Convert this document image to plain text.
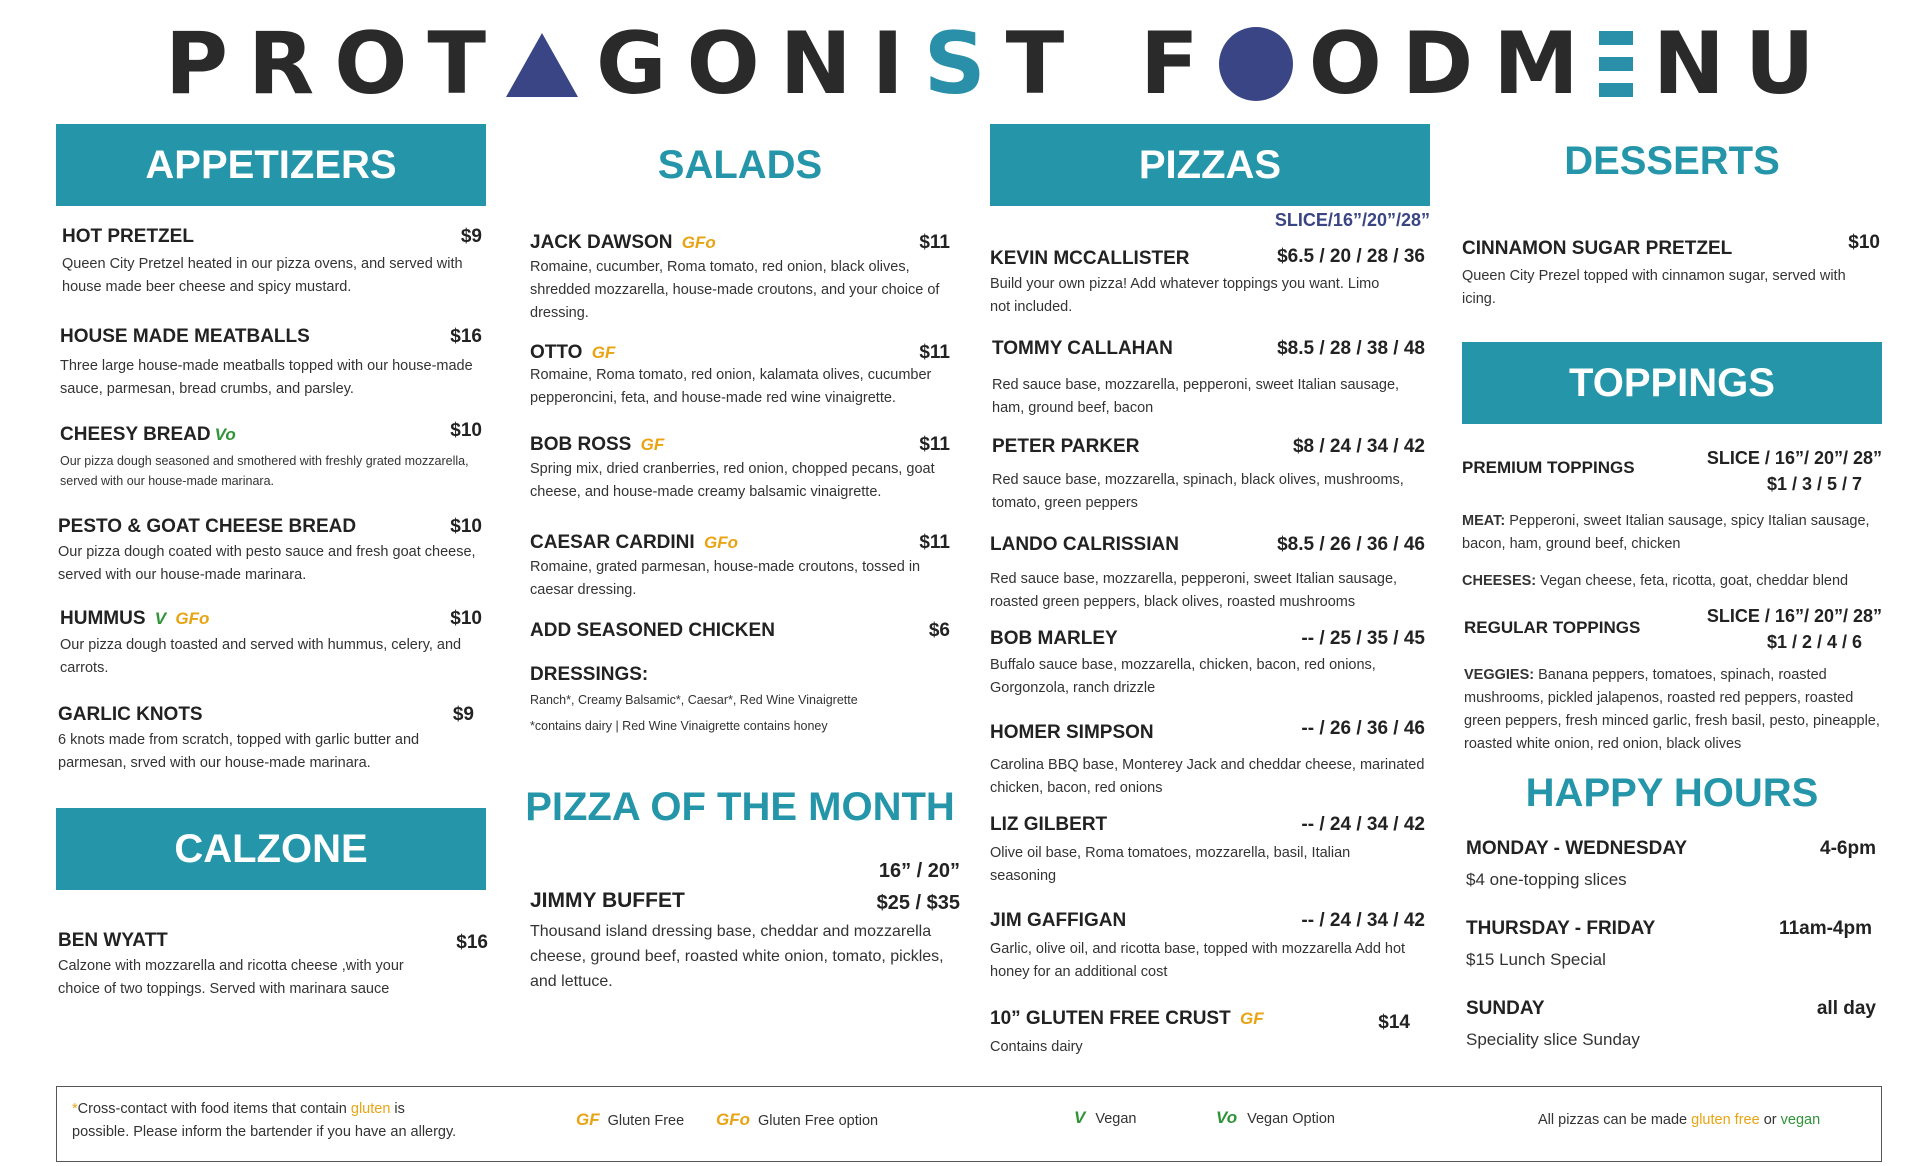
PROT GONIST F ODM NU
APPETIZERS
HOT PRETZEL	$9
Queen City Pretzel heated in our pizza ovens, and served with house made beer cheese and spicy mustard.
HOUSE MADE MEATBALLS	$16
Three large house-made meatballs topped with our house-made sauce, parmesan, bread crumbs, and parsley.
CHEESY BREAD Vo	$10
Our pizza dough seasoned and smothered with freshly grated mozzarella, served with our house-made marinara.
PESTO & GOAT CHEESE BREAD	$10
Our pizza dough coated with pesto sauce and fresh goat cheese, served with our house-made marinara.
HUMMUS V GFo	$10
Our pizza dough toasted and served with hummus, celery, and carrots.
GARLIC KNOTS	$9
6 knots made from scratch, topped with garlic butter and parmesan, srved with our house-made marinara.
CALZONE
BEN WYATT	$16
Calzone with mozzarella and ricotta cheese ,with your choice of two toppings. Served with marinara sauce
SALADS
JACK DAWSON GFo	$11
Romaine, cucumber, Roma tomato, red onion, black olives, shredded mozzarella, house-made croutons, and your choice of dressing.
OTTO GF	$11
Romaine, Roma tomato, red onion, kalamata olives, cucumber pepperoncini, feta, and house-made red wine vinaigrette.
BOB ROSS GF	$11
Spring mix, dried cranberries, red onion, chopped pecans, goat cheese, and house-made creamy balsamic vinaigrette.
CAESAR CARDINI GFo	$11
Romaine, grated parmesan, house-made croutons, tossed in caesar dressing.
ADD SEASONED CHICKEN	$6
DRESSINGS:
Ranch*, Creamy Balsamic*, Caesar*, Red Wine Vinaigrette
*contains dairy | Red Wine Vinaigrette contains honey
PIZZA OF THE MONTH
16” / 20”
JIMMY BUFFET	$25 / $35
Thousand island dressing base, cheddar and mozzarella cheese, ground beef, roasted white onion, tomato, pickles, and lettuce.
PIZZAS
SLICE/16”/20”/28”
KEVIN MCCALLISTER	$6.5 / 20 / 28 / 36
Build your own pizza! Add whatever toppings you want. Limo not included.
TOMMY CALLAHAN	$8.5 / 28 / 38 / 48
Red sauce base, mozzarella, pepperoni, sweet Italian sausage, ham, ground beef, bacon
PETER PARKER	$8 / 24 / 34 / 42
Red sauce base, mozzarella, spinach, black olives, mushrooms, tomato, green peppers
LANDO CALRISSIAN	$8.5 / 26 / 36 / 46
Red sauce base, mozzarella, pepperoni, sweet Italian sausage, roasted green peppers, black olives, roasted mushrooms
BOB MARLEY	-- / 25 / 35 / 45
Buffalo sauce base, mozzarella, chicken, bacon, red onions, Gorgonzola, ranch drizzle
HOMER SIMPSON	-- / 26 / 36 / 46
Carolina BBQ base, Monterey Jack and cheddar cheese, marinated chicken, bacon, red onions
LIZ GILBERT	-- / 24 / 34 / 42
Olive oil base, Roma tomatoes, mozzarella, basil, Italian seasoning
JIM GAFFIGAN	-- / 24 / 34 / 42
Garlic, olive oil, and ricotta base, topped with mozzarella Add hot honey for an additional cost
10” GLUTEN FREE CRUST GF	$14
Contains dairy
DESSERTS
CINNAMON SUGAR PRETZEL	$10
Queen City Prezel topped with cinnamon sugar, served with icing.
TOPPINGS
PREMIUM TOPPINGS	SLICE / 16”/ 20”/ 28”
$1 / 3 / 5 / 7
MEAT: Pepperoni, sweet Italian sausage, spicy Italian sausage, bacon, ham, ground beef, chicken
CHEESES: Vegan cheese, feta, ricotta, goat, cheddar blend
REGULAR TOPPINGS
SLICE / 16”/ 20”/ 28”
$1 / 2 / 4 / 6
VEGGIES: Banana peppers, tomatoes, spinach, roasted mushrooms, pickled jalapenos, roasted red peppers, roasted green peppers, fresh minced garlic, fresh basil, pesto, pineapple, roasted white onion, red onion, black olives
HAPPY HOURS
MONDAY - WEDNESDAY	4-6pm
$4 one-topping slices
THURSDAY - FRIDAY	11am-4pm
$15 Lunch Special
SUNDAY	all day
Speciality slice Sunday
*Cross-contact with food items that contain gluten is
possible. Please inform the bartender if you have an allergy.
GF Gluten Free GFo Gluten Free option	V Vegan	Vo Vegan Option	All pizzas can be made gluten free or vegan
